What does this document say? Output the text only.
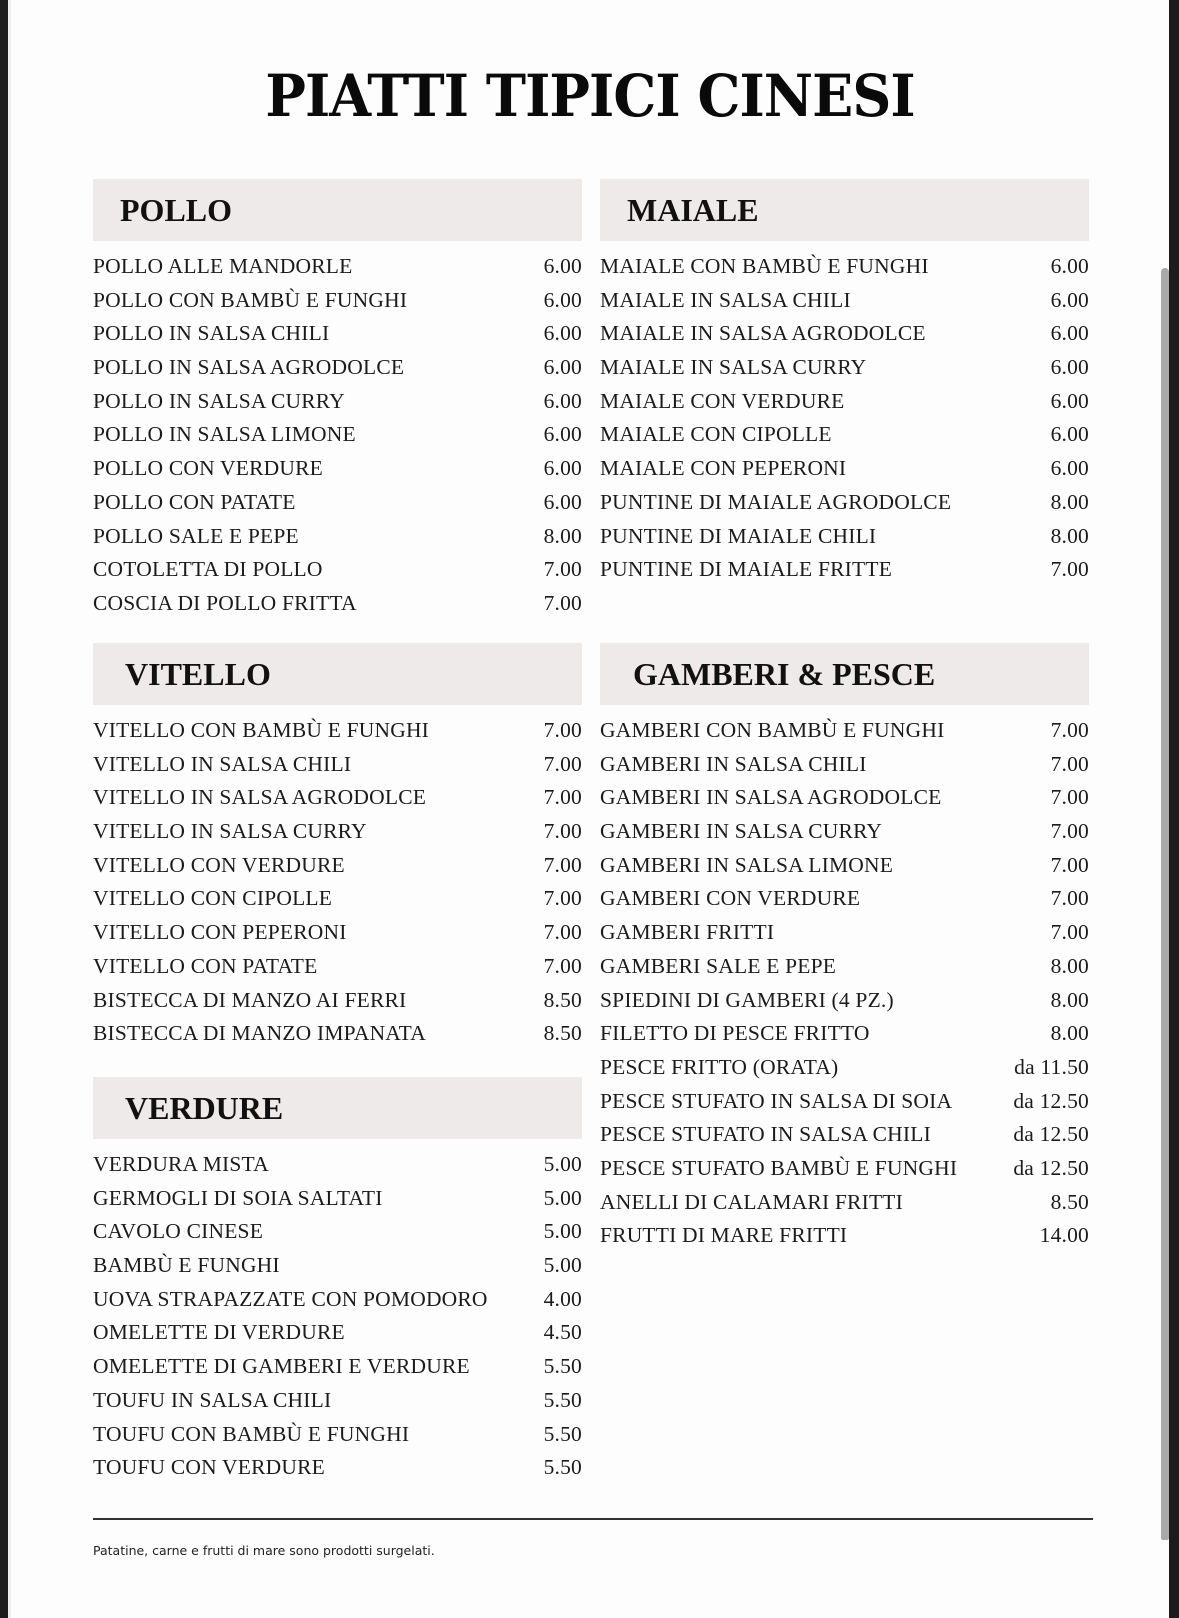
PIATTI TIPICI CINESI
POLLO
POLLO ALLE MANDORLE	6.00
POLLO CON BAMBÙ E FUNGHI	6.00
POLLO IN SALSA CHILI	6.00
POLLO IN SALSA AGRODOLCE	6.00
POLLO IN SALSA CURRY	6.00
POLLO IN SALSA LIMONE	6.00
POLLO CON VERDURE	6.00
POLLO CON PATATE	6.00
POLLO SALE E PEPE	8.00
COTOLETTA DI POLLO	7.00
COSCIA DI POLLO FRITTA	7.00
MAIALE
MAIALE CON BAMBÙ E FUNGHI	6.00
MAIALE IN SALSA CHILI	6.00
MAIALE IN SALSA AGRODOLCE	6.00
MAIALE IN SALSA CURRY	6.00
MAIALE CON VERDURE	6.00
MAIALE CON CIPOLLE	6.00
MAIALE CON PEPERONI	6.00
PUNTINE DI MAIALE AGRODOLCE	8.00
PUNTINE DI MAIALE CHILI	8.00
PUNTINE DI MAIALE FRITTE	7.00
VITELLO
VITELLO CON BAMBÙ E FUNGHI	7.00
VITELLO IN SALSA CHILI	7.00
VITELLO IN SALSA AGRODOLCE	7.00
VITELLO IN SALSA CURRY	7.00
VITELLO CON VERDURE	7.00
VITELLO CON CIPOLLE	7.00
VITELLO CON PEPERONI	7.00
VITELLO CON PATATE	7.00
BISTECCA DI MANZO AI FERRI	8.50
BISTECCA DI MANZO IMPANATA	8.50
GAMBERI & PESCE
GAMBERI CON BAMBÙ E FUNGHI	7.00
GAMBERI IN SALSA CHILI	7.00
GAMBERI IN SALSA AGRODOLCE	7.00
GAMBERI IN SALSA CURRY	7.00
GAMBERI IN SALSA LIMONE	7.00
GAMBERI CON VERDURE	7.00
GAMBERI FRITTI	7.00
GAMBERI SALE E PEPE	8.00
SPIEDINI DI GAMBERI (4 PZ.)	8.00
FILETTO DI PESCE FRITTO	8.00
PESCE FRITTO (ORATA)	da 11.50
PESCE STUFATO IN SALSA DI SOIA	da 12.50
PESCE STUFATO IN SALSA CHILI	da 12.50
PESCE STUFATO BAMBÙ E FUNGHI	da 12.50
ANELLI DI CALAMARI FRITTI	8.50
FRUTTI DI MARE FRITTI	14.00
VERDURE
VERDURA MISTA	5.00
GERMOGLI DI SOIA SALTATI	5.00
CAVOLO CINESE	5.00
BAMBÙ E FUNGHI	5.00
UOVA STRAPAZZATE CON POMODORO	4.00
OMELETTE DI VERDURE	4.50
OMELETTE DI GAMBERI E VERDURE	5.50
TOUFU IN SALSA CHILI	5.50
TOUFU CON BAMBÙ E FUNGHI	5.50
TOUFU CON VERDURE	5.50
Patatine, carne e frutti di mare sono prodotti surgelati.
